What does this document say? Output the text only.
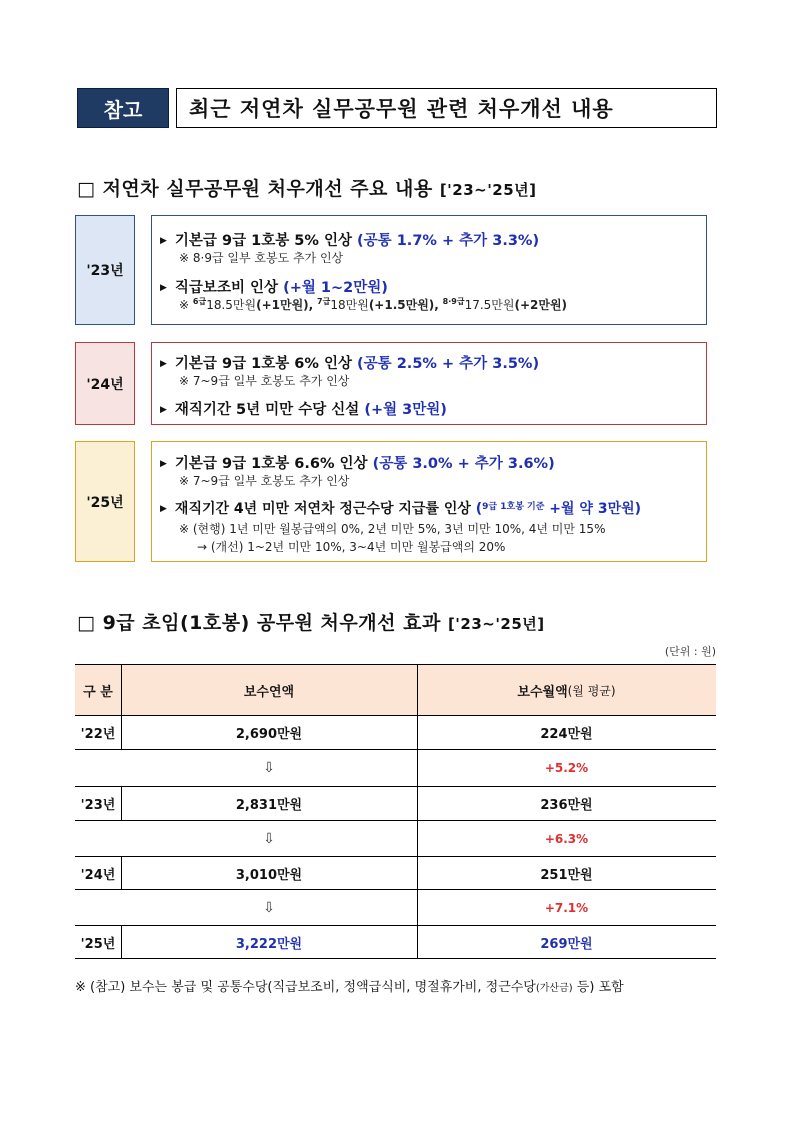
참고	최근 저연차 실무공무원 관련 처우개선 내용
□ 저연차 실무공무원 처우개선 주요 내용 ['23~'25년]
'23년
▶ 기본급 9급 1호봉 5% 인상 (공통 1.7% + 추가 3.3%)
※ 8·9급 일부 호봉도 추가 인상
▶ 직급보조비 인상 (+월 1~2만원)
※ $^{6급}$18.5만원(+1만원), $^{7급}$18만원(+1.5만원), $^{8\cdot 9급}$17.5만원(+2만원)
'24년
▶ 기본급 9급 1호봉 6% 인상 (공통 2.5% + 추가 3.5%)
※ 7~9급 일부 호봉도 추가 인상
▶ 재직기간 5년 미만 수당 신설 (+월 3만원)
'25년
▶ 기본급 9급 1호봉 6.6% 인상 (공통 3.0% + 추가 3.6%)
※ 7~9급 일부 호봉도 추가 인상
▶ 재직기간 4년 미만 저연차 정근수당 지급률 인상 ($^{9급 1호봉 기준}$ +월 약 3만원)
※ (현행) 1년 미만 월봉급액의 0%, 2년 미만 5%, 3년 미만 10%, 4년 미만 15%
→ (개선) 1~2년 미만 10%, 3~4년 미만 월봉급액의 20%
□ 9급 초임(1호봉) 공무원 처우개선 효과 ['23~'25년]
(단위 : 원)
구 분	보수연액	보수월액 (월 평균)
'22년	2,690만원	224만원
⇩	+5.2%
'23년	2,831만원	236만원
⇩	+6.3%
'24년	3,010만원	251만원
⇩	+7.1%
'25년	3,222만원	269만원
※ (참고) 보수는 봉급 및 공통수당(직급보조비, 정액급식비, 명절휴가비, 정근수당(가산금) 등) 포함
